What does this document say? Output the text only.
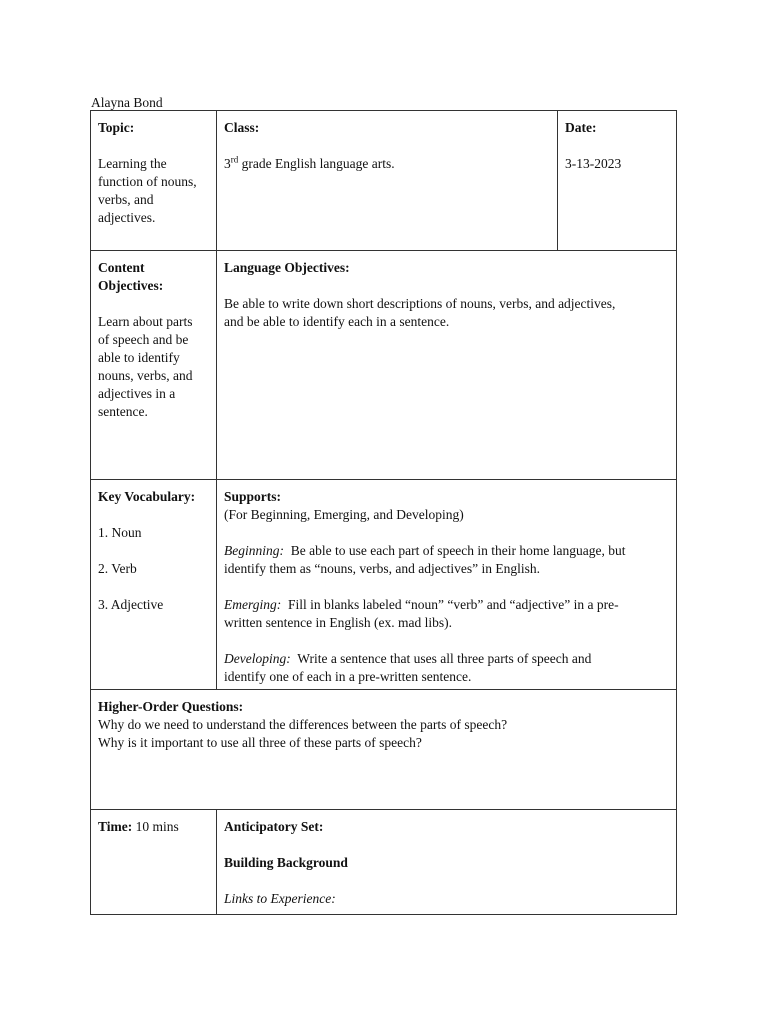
Alayna Bond
Topic:
Learning the
function of nouns,
verbs, and
adjectives.
Class:
3rd grade English language arts.
Date:
3-13-2023
Content
Objectives:
Learn about parts
of speech and be
able to identify
nouns, verbs, and
adjectives in a
sentence.
Language Objectives:
Be able to write down short descriptions of nouns, verbs, and adjectives,
and be able to identify each in a sentence.
Key Vocabulary:
1. Noun
2. Verb
3. Adjective
Supports:
(For Beginning, Emerging, and Developing)
Beginning: Be able to use each part of speech in their home language, but
identify them as “nouns, verbs, and adjectives” in English.
Emerging: Fill in blanks labeled “noun” “verb” and “adjective” in a pre-
written sentence in English (ex. mad libs).
Developing: Write a sentence that uses all three parts of speech and
identify one of each in a pre-written sentence.
Higher-Order Questions:
Why do we need to understand the differences between the parts of speech?
Why is it important to use all three of these parts of speech?
Time: 10 mins	Anticipatory Set:
Building Background
Links to Experience:
